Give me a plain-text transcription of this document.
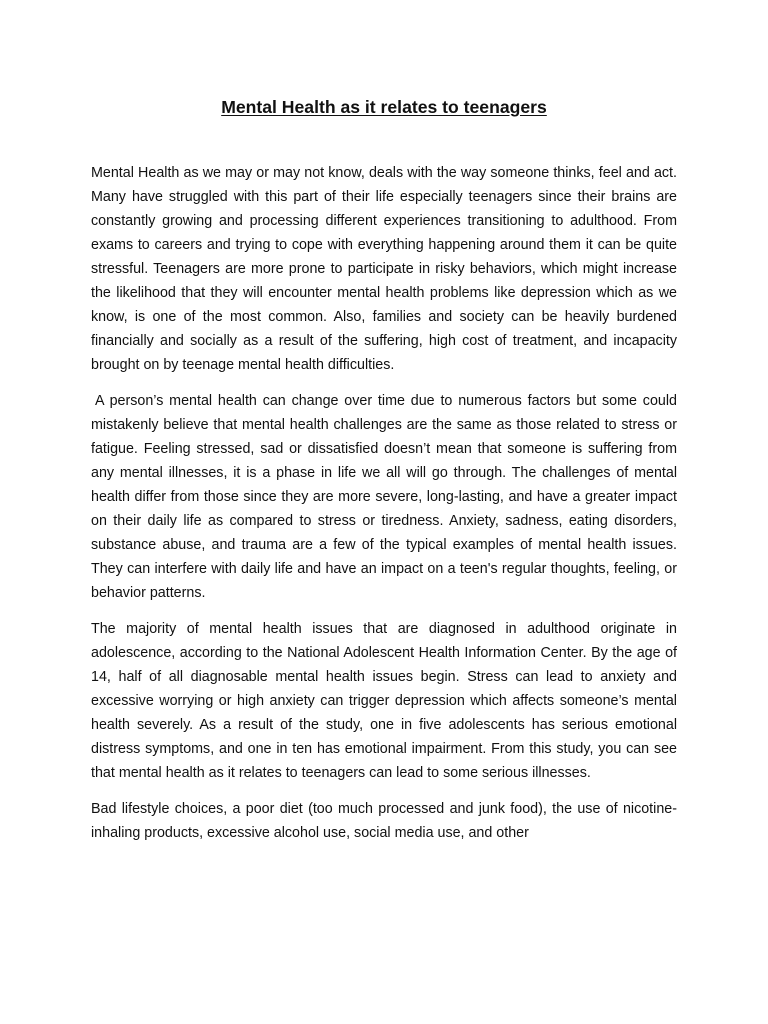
Mental Health as it relates to teenagers

Mental Health as we may or may not know, deals with the way someone thinks, feel and act. Many have struggled with this part of their life especially teenagers since their brains are constantly growing and processing different experiences transitioning to adulthood. From exams to careers and trying to cope with everything happening around them it can be quite stressful. Teenagers are more prone to participate in risky behaviors, which might increase the likelihood that they will encounter mental health problems like depression which as we know, is one of the most common. Also, families and society can be heavily burdened financially and socially as a result of the suffering, high cost of treatment, and incapacity brought on by teenage mental health difficulties.

A person’s mental health can change over time due to numerous factors but some could mistakenly believe that mental health challenges are the same as those related to stress or fatigue. Feeling stressed, sad or dissatisfied doesn’t mean that someone is suffering from any mental illnesses, it is a phase in life we all will go through. The challenges of mental health differ from those since they are more severe, long-lasting, and have a greater impact on their daily life as compared to stress or tiredness. Anxiety, sadness, eating disorders, substance abuse, and trauma are a few of the typical examples of mental health issues. They can interfere with daily life and have an impact on a teen's regular thoughts, feeling, or behavior patterns.

The majority of mental health issues that are diagnosed in adulthood originate in adolescence, according to the National Adolescent Health Information Center. By the age of 14, half of all diagnosable mental health issues begin. Stress can lead to anxiety and excessive worrying or high anxiety can trigger depression which affects someone’s mental health severely. As a result of the study, one in five adolescents has serious emotional distress symptoms, and one in ten has emotional impairment. From this study, you can see that mental health as it relates to teenagers can lead to some serious illnesses.

Bad lifestyle choices, a poor diet (too much processed and junk food), the use of nicotine-inhaling products, excessive alcohol use, social media use, and other
